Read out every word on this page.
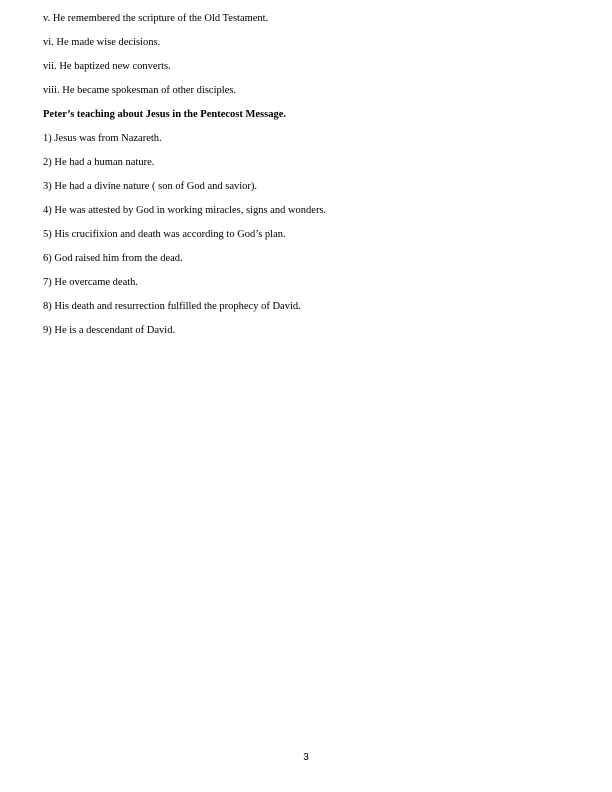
v. He remembered the scripture of the Old Testament.
vi. He made wise decisions.
vii. He baptized new converts.
viii. He became spokesman of other disciples.
Peter’s teaching about Jesus in the Pentecost Message.
1) Jesus was from Nazareth.
2) He had a human nature.
3) He had a divine nature ( son of God and savior).
4) He was attested by God in working miracles, signs and wonders.
5) His crucifixion and death was according to God’s plan.
6) God raised him from the dead.
7) He overcame death.
8) His death and resurrection fulfilled the prophecy of David.
9) He is a descendant of David.
3
